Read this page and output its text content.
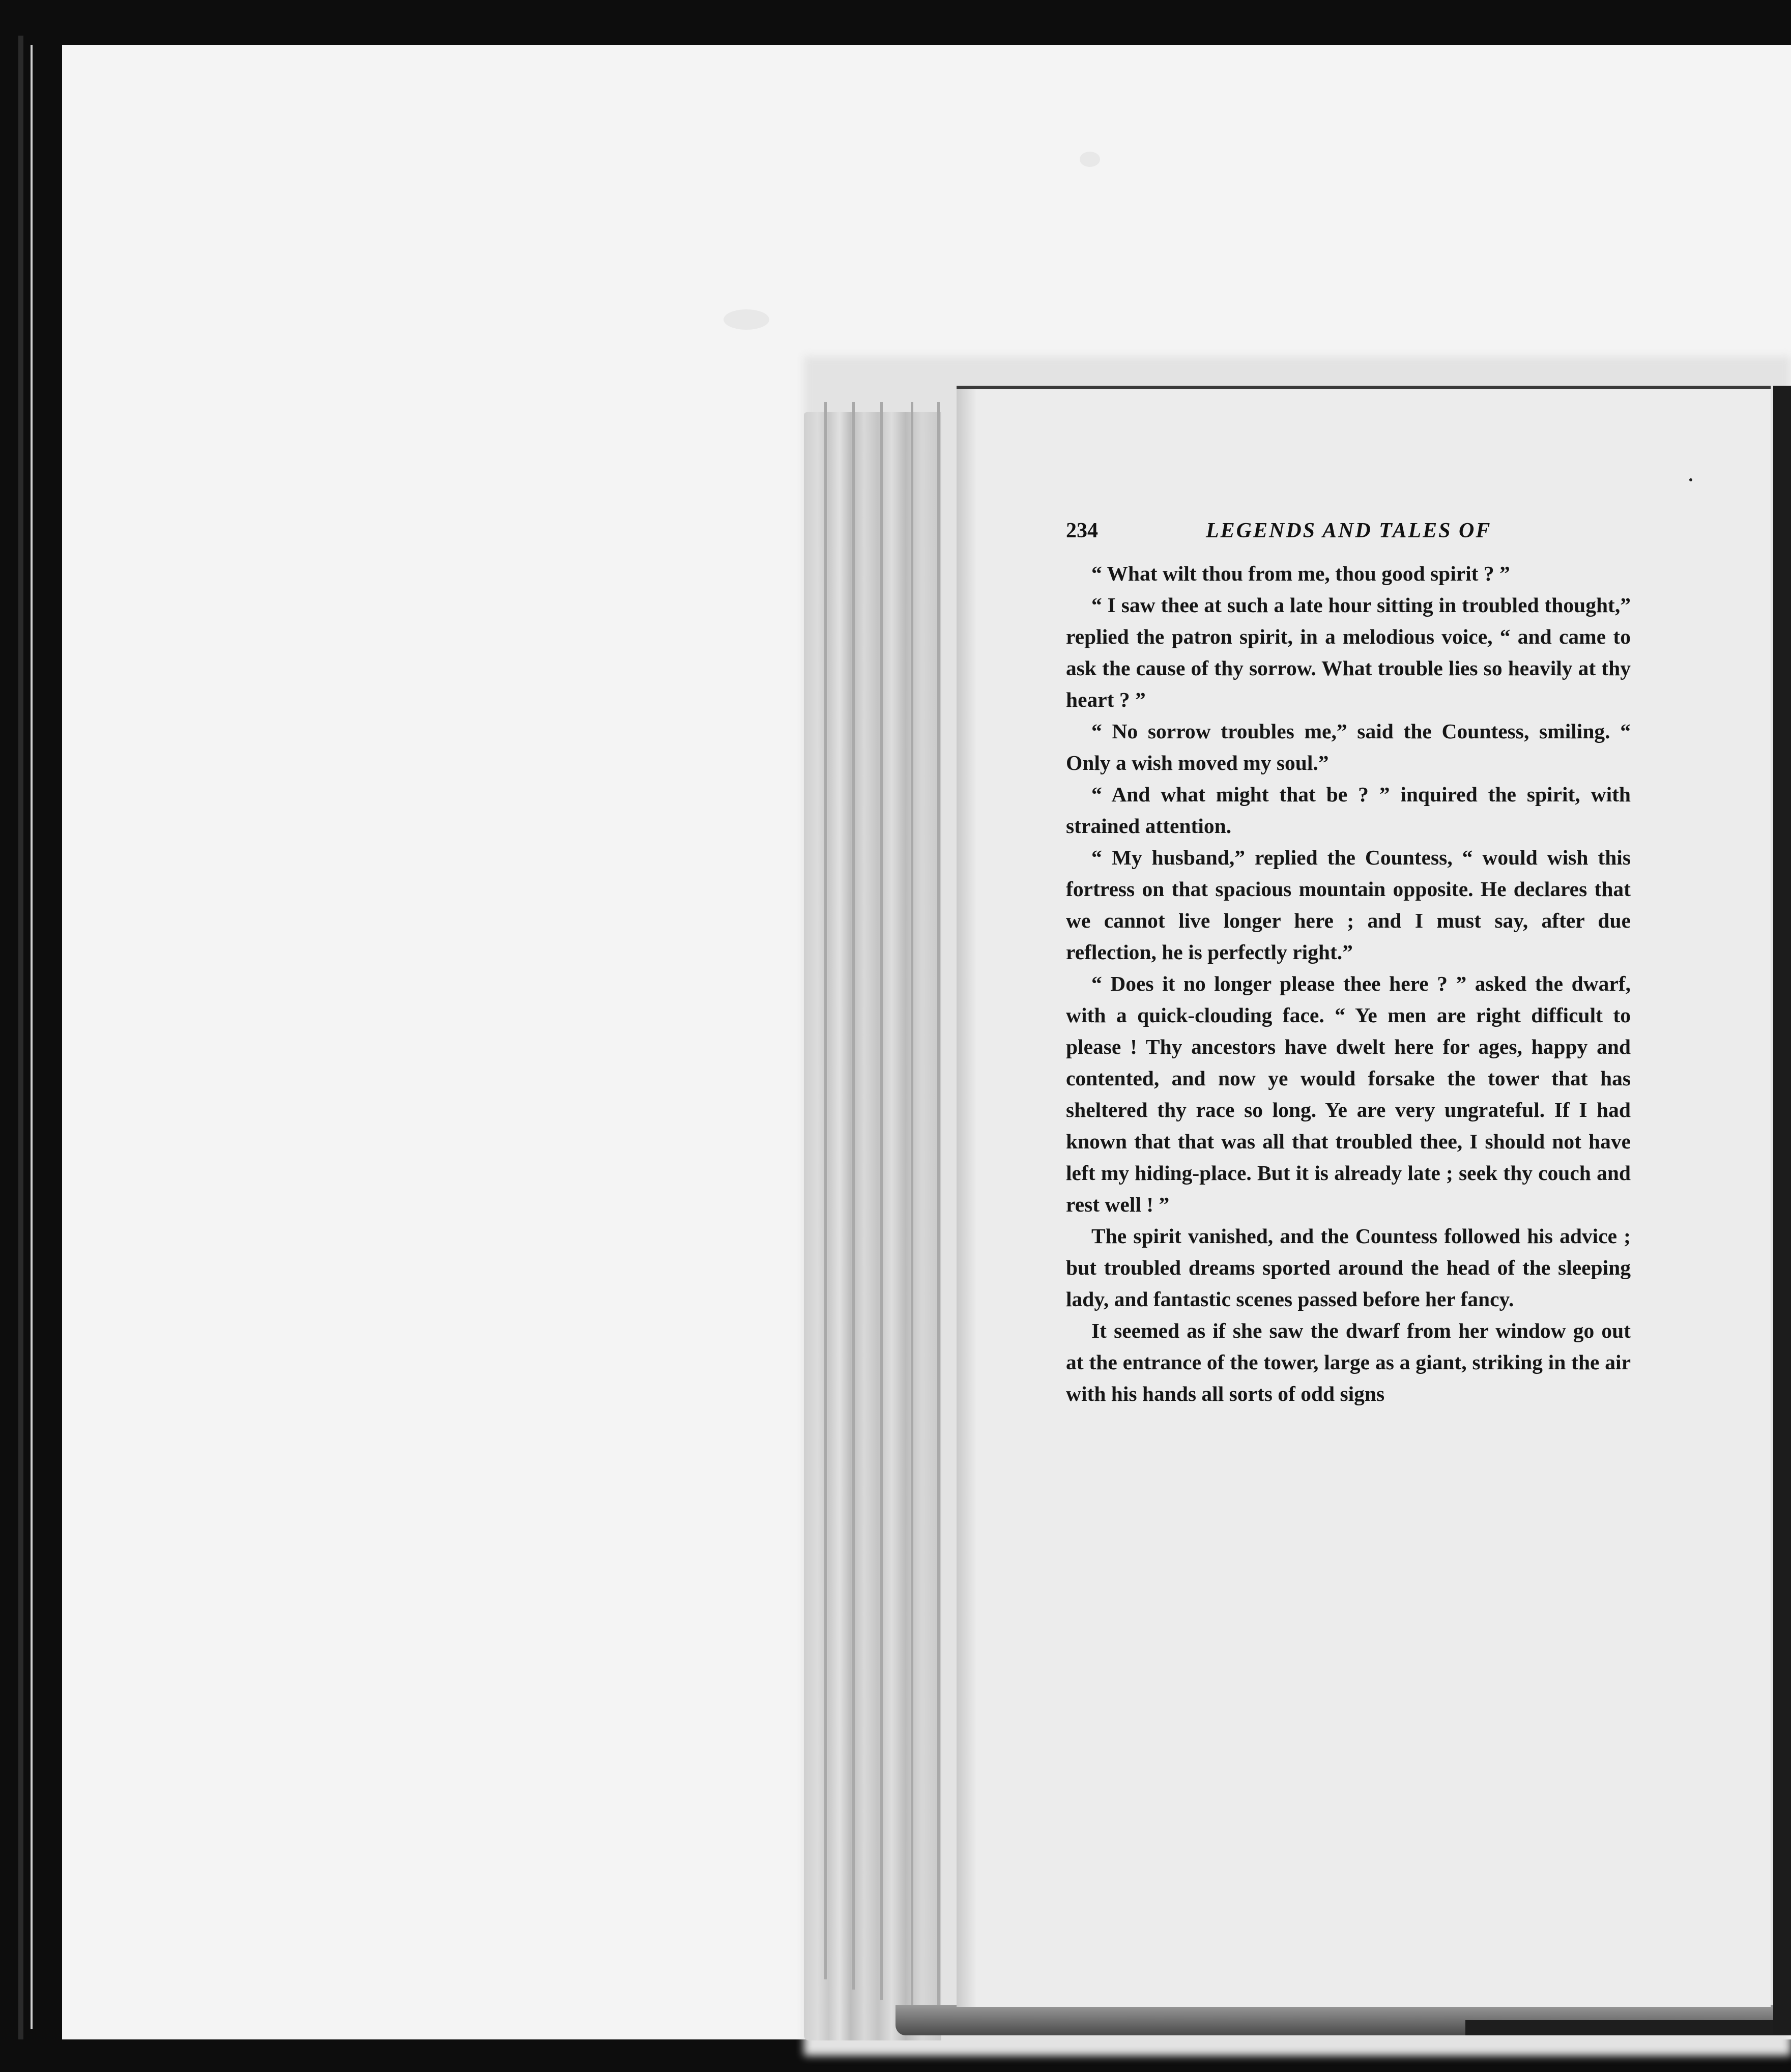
234	LEGENDS AND TALES OF

“ What wilt thou from me, thou good spirit ? ”

“ I saw thee at such a late hour sitting in troubled thought,” replied the patron spirit, in a melodious voice, “ and came to ask the cause of thy sorrow. What trouble lies so heavily at thy heart ? ”

“ No sorrow troubles me,” said the Countess, smiling. “ Only a wish moved my soul.”

“ And what might that be ? ” inquired the spirit, with strained attention.

“ My husband,” replied the Countess, “ would wish this fortress on that spacious mountain opposite. He declares that we cannot live longer here ; and I must say, after due reflection, he is perfectly right.”

“ Does it no longer please thee here ? ” asked the dwarf, with a quick-clouding face. “ Ye men are right difficult to please ! Thy ancestors have dwelt here for ages, happy and contented, and now ye would forsake the tower that has sheltered thy race so long. Ye are very ungrateful. If I had known that that was all that troubled thee, I should not have left my hiding-place. But it is already late ; seek thy couch and rest well ! ”

The spirit vanished, and the Countess followed his advice ; but troubled dreams sported around the head of the sleeping lady, and fantastic scenes passed before her fancy.

It seemed as if she saw the dwarf from her window go out at the entrance of the tower, large as a giant, striking in the air with his hands all sorts of odd signs
